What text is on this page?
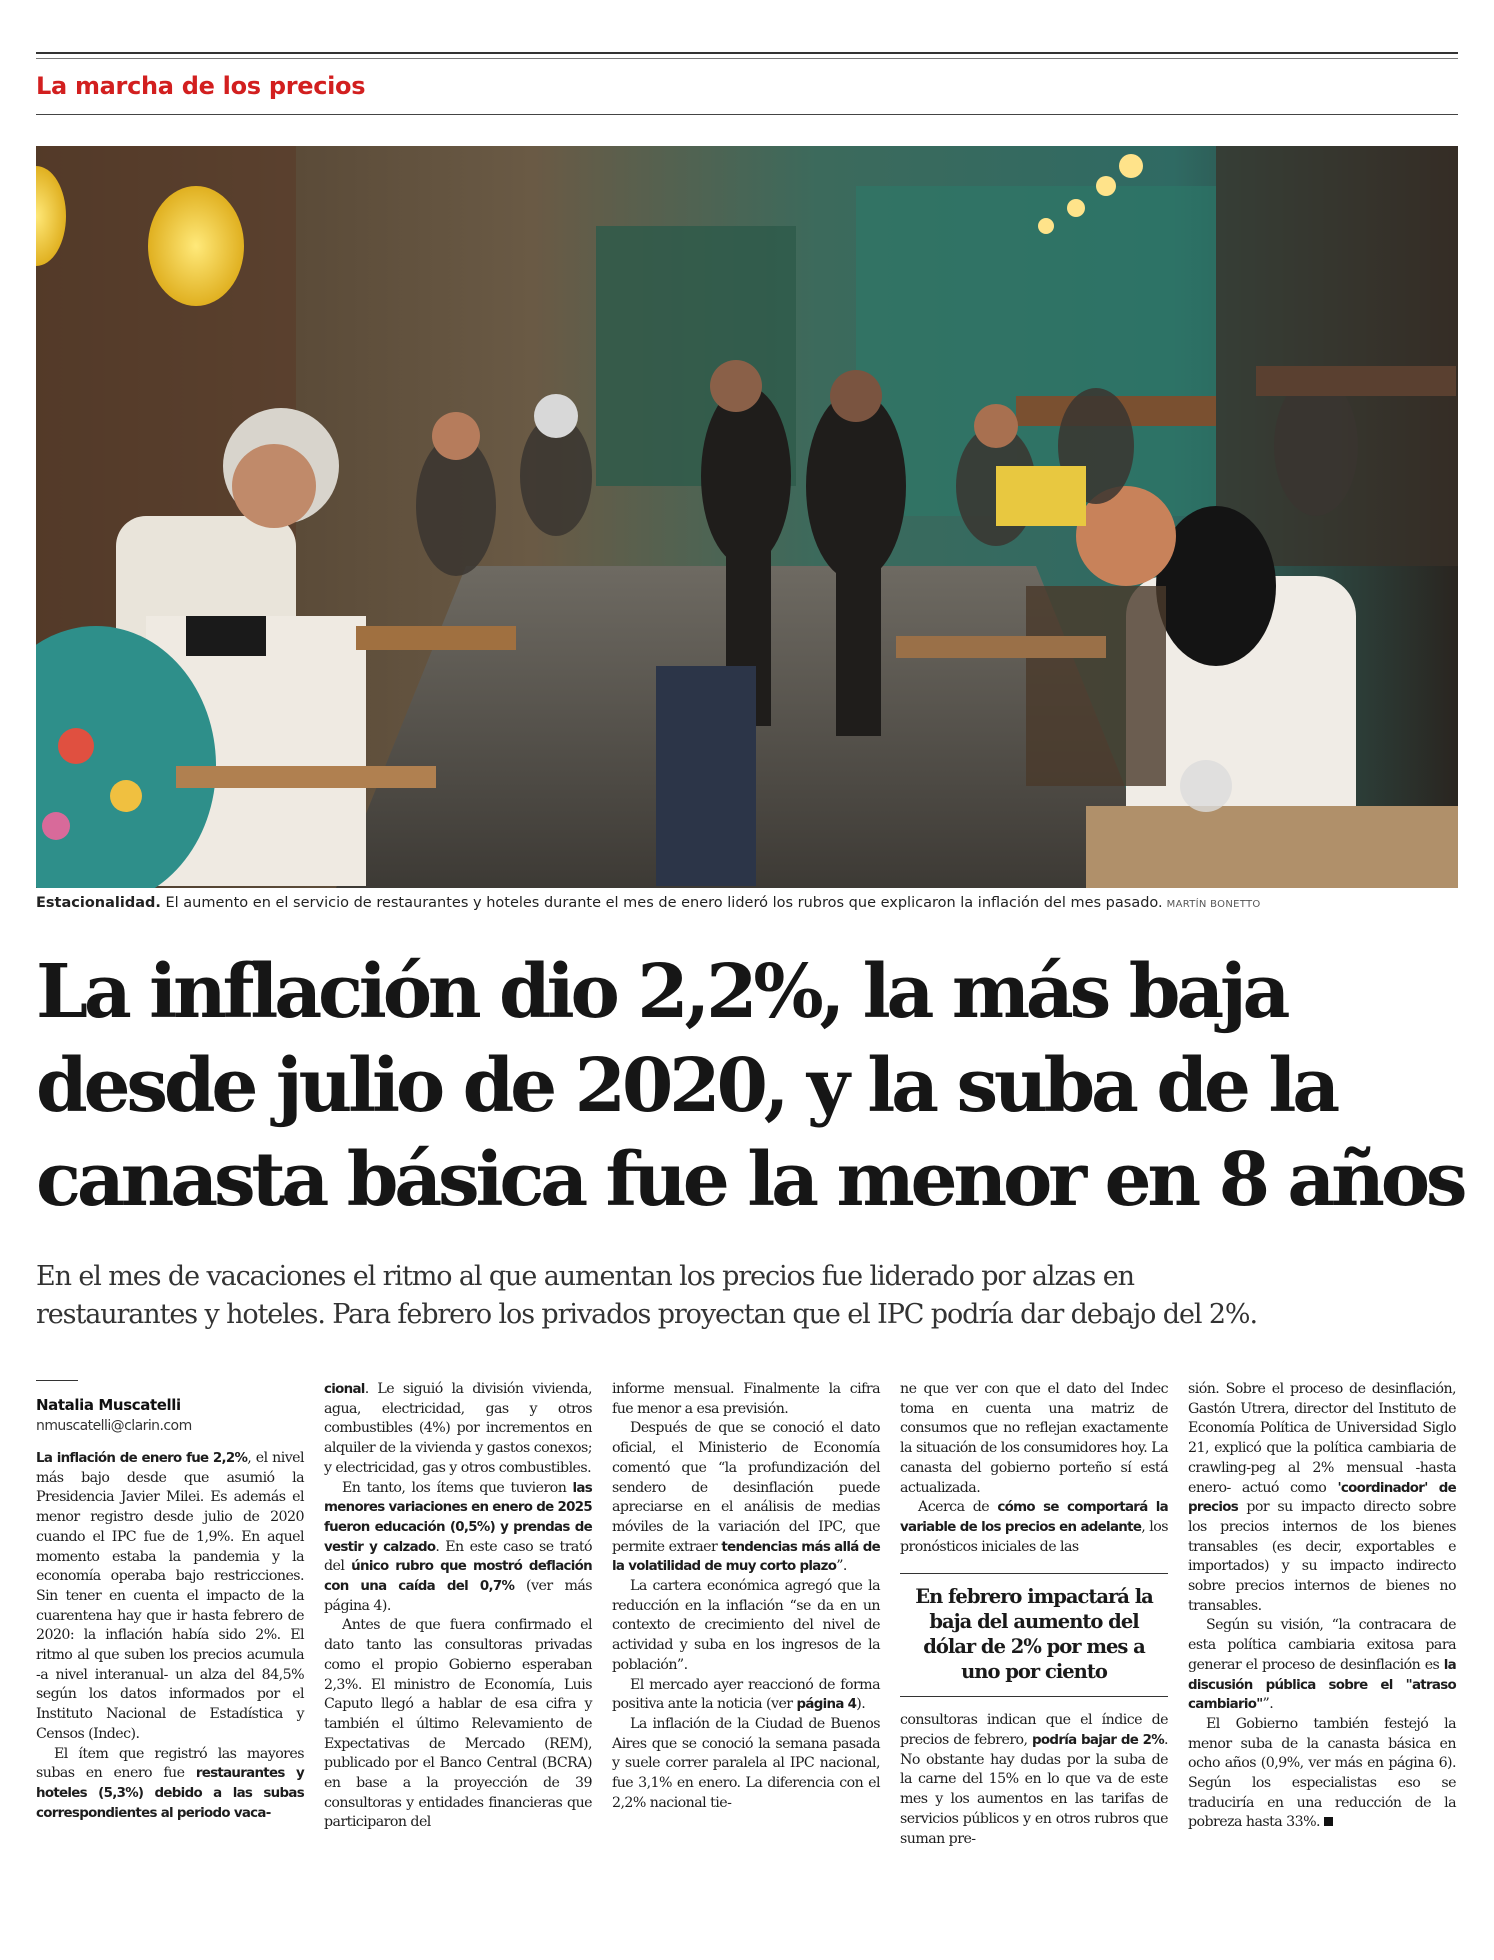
La marcha de los precios
Estacionalidad. El aumento en el servicio de restaurantes y hoteles durante el mes de enero lideró los rubros que explicaron la inflación del mes pasado. MARTÍN BONETTO
La inflación dio 2,2%, la más baja
desde julio de 2020, y la suba de la
canasta básica fue la menor en 8 años
En el mes de vacaciones el ritmo al que aumentan los precios fue liderado por alzas en
restaurantes y hoteles. Para febrero los privados proyectan que el IPC podría dar debajo del 2%.
Natalia Muscatelli
nmuscatelli@clarin.com

La inflación de enero fue 2,2%, el nivel más bajo desde que asumió la Presidencia Javier Milei. Es además el menor registro desde julio de 2020 cuando el IPC fue de 1,9%. En aquel momento estaba la pandemia y la economía operaba bajo restricciones. Sin tener en cuenta el impacto de la cuarentena hay que ir hasta febrero de 2020: la inflación había sido 2%. El ritmo al que suben los precios acumula -a nivel interanual- un alza del 84,5% según los datos informados por el Instituto Nacional de Estadística y Censos (Indec).

El ítem que registró las mayores subas en enero fue restaurantes y hoteles (5,3%) debido a las subas correspondientes al periodo vaca-

cional. Le siguió la división vivienda, agua, electricidad, gas y otros combustibles (4%) por incrementos en alquiler de la vivienda y gastos conexos; y electricidad, gas y otros combustibles.

En tanto, los ítems que tuvieron las menores variaciones en enero de 2025 fueron educación (0,5%) y prendas de vestir y calzado. En este caso se trató del único rubro que mostró deflación con una caída del 0,7% (ver más página 4).

Antes de que fuera confirmado el dato tanto las consultoras privadas como el propio Gobierno esperaban 2,3%. El ministro de Economía, Luis Caputo llegó a hablar de esa cifra y también el último Relevamiento de Expectativas de Mercado (REM), publicado por el Banco Central (BCRA) en base a la proyección de 39 consultoras y entidades financieras que participaron del

informe mensual. Finalmente la cifra fue menor a esa previsión.

Después de que se conoció el dato oficial, el Ministerio de Economía comentó que “la profundización del sendero de desinflación puede apreciarse en el análisis de medias móviles de la variación del IPC, que permite extraer tendencias más allá de la volatilidad de muy corto plazo”.

La cartera económica agregó que la reducción en la inflación “se da en un contexto de crecimiento del nivel de actividad y suba en los ingresos de la población”.

El mercado ayer reaccionó de forma positiva ante la noticia (ver página 4).

La inflación de la Ciudad de Buenos Aires que se conoció la semana pasada y suele correr paralela al IPC nacional, fue 3,1% en enero. La diferencia con el 2,2% nacional tie-

ne que ver con que el dato del Indec toma en cuenta una matriz de consumos que no reflejan exactamente la situación de los consumidores hoy. La canasta del gobierno porteño sí está actualizada.

Acerca de cómo se comportará la variable de los precios en adelante, los pronósticos iniciales de las

En febrero impactará la baja del aumento del dólar de 2% por mes a uno por ciento

consultoras indican que el índice de precios de febrero, podría bajar de 2%. No obstante hay dudas por la suba de la carne del 15% en lo que va de este mes y los aumentos en las tarifas de servicios públicos y en otros rubros que suman pre-

sión. Sobre el proceso de desinflación, Gastón Utrera, director del Instituto de Economía Política de Universidad Siglo 21, explicó que la política cambiaria de crawling-peg al 2% mensual -hasta enero- actuó como 'coordinador' de precios por su impacto directo sobre los precios internos de los bienes transables (es decir, exportables e importados) y su impacto indirecto sobre precios internos de bienes no transables.

Según su visión, “la contracara de esta política cambiaria exitosa para generar el proceso de desinflación es la discusión pública sobre el "atraso cambiario"”.

El Gobierno también festejó la menor suba de la canasta básica en ocho años (0,9%, ver más en página 6). Según los especialistas eso se traduciría en una reducción de la pobreza hasta 33%.
